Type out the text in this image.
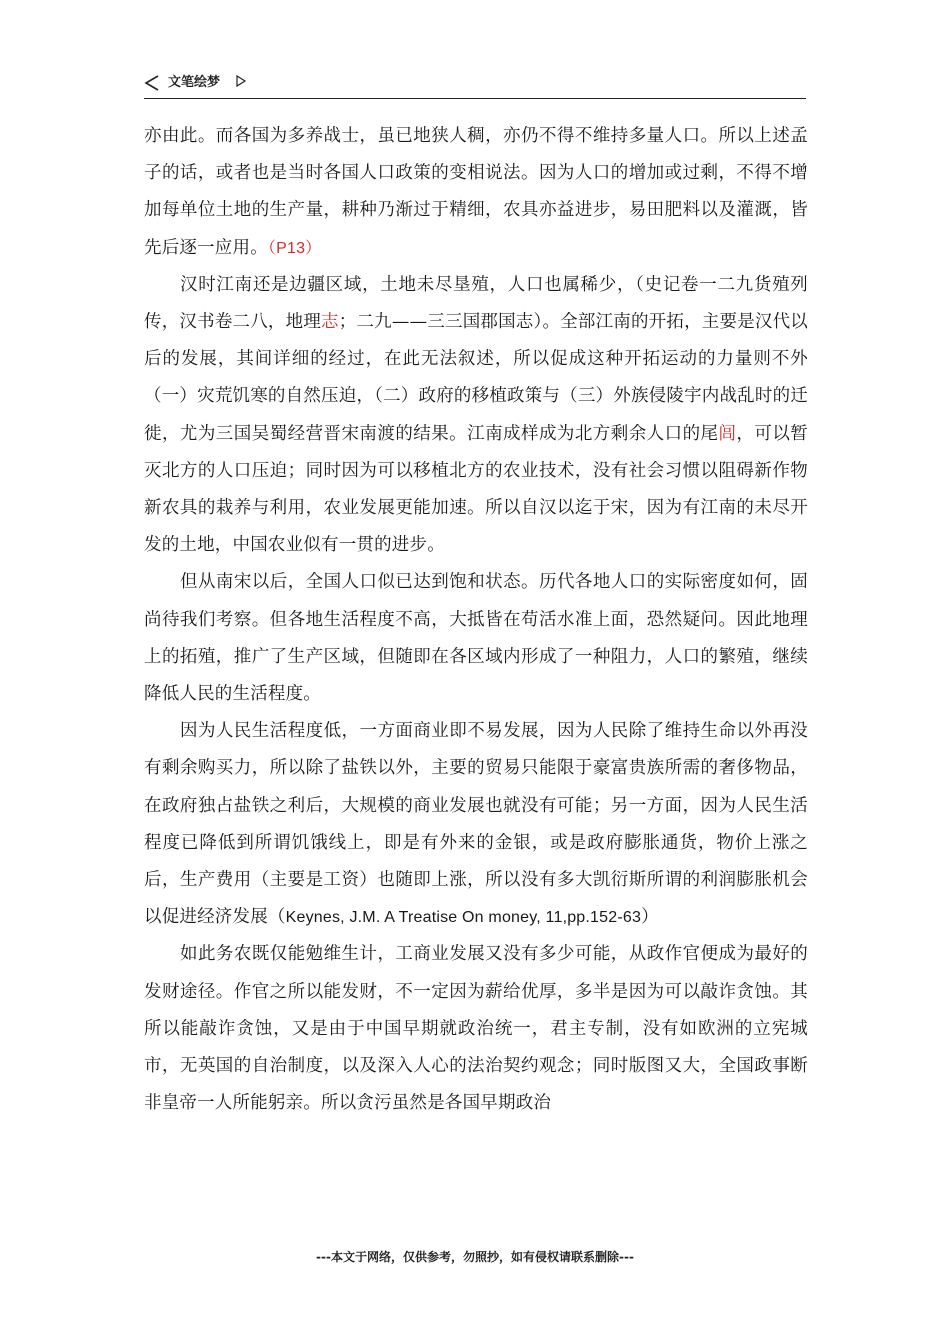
文笔绘梦

亦由此。而各国为多养战士，虽已地狭人稠，亦仍不得不维持多量人口。所以上述孟子的话，或者也是当时各国人口政策的变相说法。因为人口的增加或过剩，不得不增加每单位土地的生产量，耕种乃渐过于精细，农具亦益进步，易田肥料以及灌溉，皆先后逐一应用。（P13）

汉时江南还是边疆区域，土地未尽垦殖，人口也属稀少，（史记卷一二九货殖列传，汉书卷二八，地理志；二九——三三国郡国志）。全部江南的开拓，主要是汉代以后的发展，其间详细的经过，在此无法叙述，所以促成这种开拓运动的力量则不外（一）灾荒饥寒的自然压迫，（二）政府的移植政策与（三）外族侵陵宇内战乱时的迁徙，尤为三国吴蜀经营晋宋南渡的结果。江南成样成为北方剩余人口的尾闾，可以暂灭北方的人口压迫；同时因为可以移植北方的农业技术，没有社会习惯以阻碍新作物新农具的栽养与利用，农业发展更能加速。所以自汉以迄于宋，因为有江南的未尽开发的土地，中国农业似有一贯的进步。

但从南宋以后，全国人口似已达到饱和状态。历代各地人口的实际密度如何，固尚待我们考察。但各地生活程度不高，大抵皆在苟活水准上面，恐然疑问。因此地理上的拓殖，推广了生产区域，但随即在各区域内形成了一种阻力，人口的繁殖，继续降低人民的生活程度。

因为人民生活程度低，一方面商业即不易发展，因为人民除了维持生命以外再没有剩余购买力，所以除了盐铁以外，主要的贸易只能限于豪富贵族所需的奢侈物品，在政府独占盐铁之利后，大规模的商业发展也就没有可能；另一方面，因为人民生活程度已降低到所谓饥饿线上，即是有外来的金银，或是政府膨胀通货，物价上涨之后，生产费用（主要是工资）也随即上涨，所以没有多大凯衍斯所谓的利润膨胀机会以促进经济发展（Keynes, J.M. A Treatise On money, 11,pp.152-63）

如此务农既仅能勉维生计，工商业发展又没有多少可能，从政作官便成为最好的发财途径。作官之所以能发财，不一定因为薪给优厚，多半是因为可以敲诈贪蚀。其所以能敲诈贪蚀，又是由于中国早期就政治统一，君主专制，没有如欧洲的立宪城市，无英国的自治制度，以及深入人心的法治契约观念；同时版图又大，全国政事断非皇帝一人所能躬亲。所以贪污虽然是各国早期政治

---本文于网络，仅供参考，勿照抄，如有侵权请联系删除---
